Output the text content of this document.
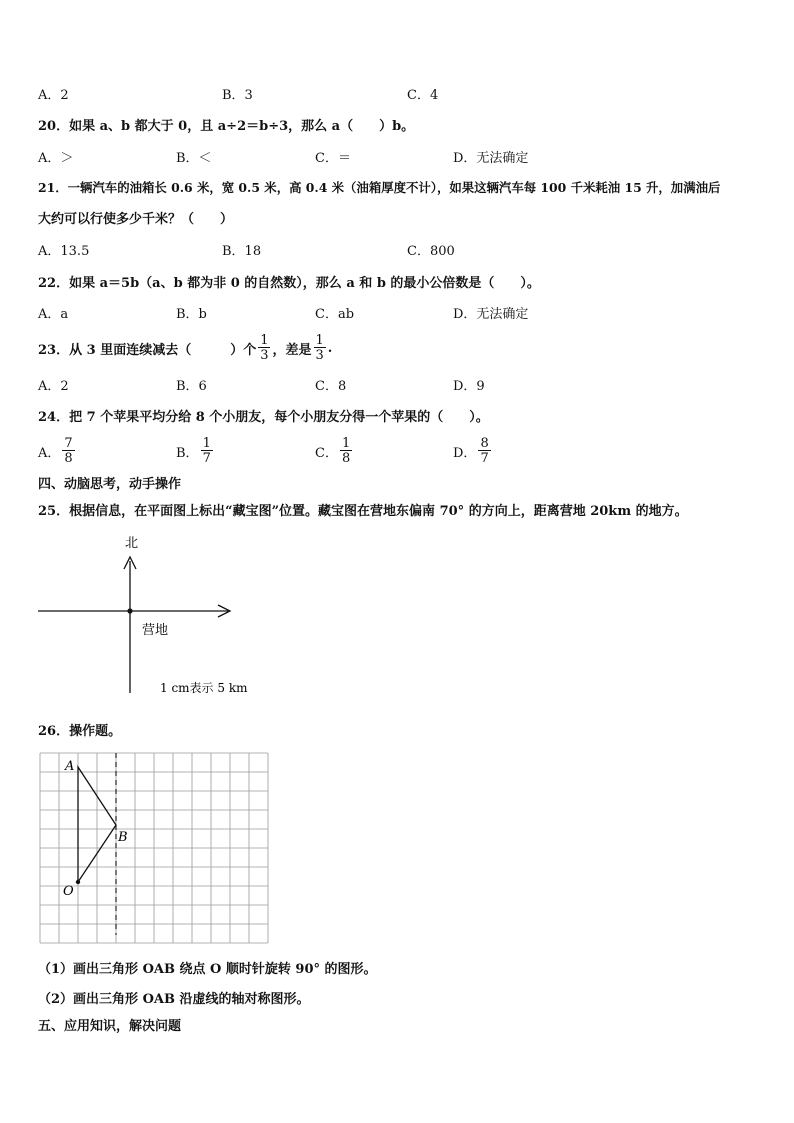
A．2	B．3	C．4
20．如果 a、b 都大于 0，且 a÷2＝b÷3，那么 a（　　）b。
A．＞	B．＜	C．＝	D．无法确定
21．一辆汽车的油箱长 0.6 米，宽 0.5 米，高 0.4 米（油箱厚度不计），如果这辆汽车每 100 千米耗油 15 升，加满油后
大约可以行使多少千米？（　　）
A．13.5	B．18	C．800
22．如果 a＝5b（a、b 都为非 0 的自然数），那么 a 和 b 的最小公倍数是（　　）。
A．a	B．b	C．ab	D．无法确定
23．从 3 里面连续减去（　　　）个 $\frac{1}{3}$ ，差是 $\frac{1}{3}$ .
A．2	B．6	C．8	D．9
24．把 7 个苹果平均分给 8 个小朋友，每个小朋友分得一个苹果的（　　）。
A． $\frac{7}{8}$	B． $\frac{1}{7}$	C． $\frac{1}{8}$	D． $\frac{8}{7}$
四、动脑思考，动手操作
25．根据信息，在平面图上标出“藏宝图”位置。藏宝图在营地东偏南 70° 的方向上，距离营地 20km 的地方。
北
营地
1 cm表示 5 km
26．操作题。
A
B
O
（1）画出三角形 OAB 绕点 O 顺时针旋转 90° 的图形。
（2）画出三角形 OAB 沿虚线的轴对称图形。
五、应用知识，解决问题
